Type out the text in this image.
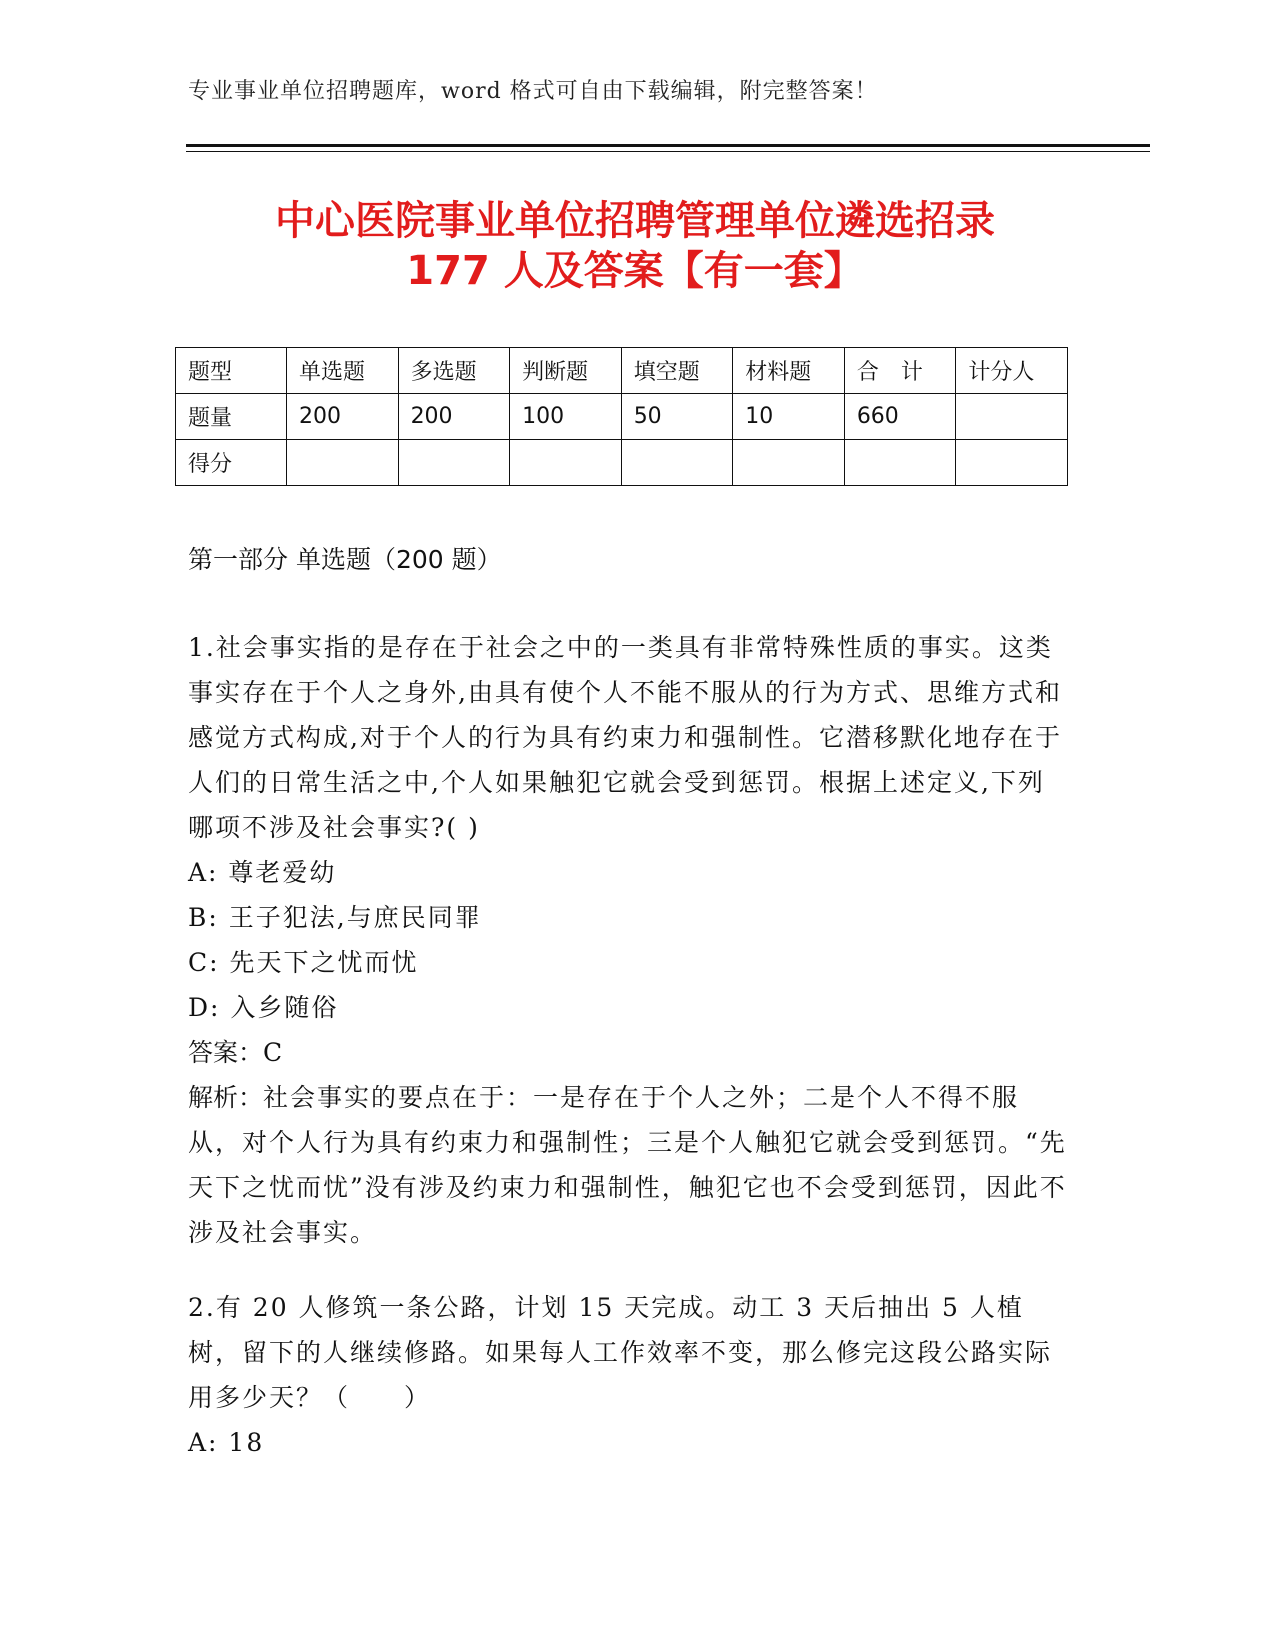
专业事业单位招聘题库，word 格式可自由下载编辑，附完整答案！
中心医院事业单位招聘管理单位遴选招录
177 人及答案【有一套】
题型	单选题	多选题	判断题	填空题	材料题	合　计	计分人
题量	200	200	100	50	10	660	
得分							
第一部分 单选题（200 题）

1.社会事实指的是存在于社会之中的一类具有非常特殊性质的事实。这类事实存在于个人之身外,由具有使个人不能不服从的行为方式、思维方式和感觉方式构成,对于个人的行为具有约束力和强制性。它潜移默化地存在于人们的日常生活之中,个人如果触犯它就会受到惩罚。根据上述定义,下列哪项不涉及社会事实?( )

A: 尊老爱幼

B: 王子犯法,与庶民同罪

C: 先天下之忧而忧

D: 入乡随俗

答案：C

解析：社会事实的要点在于：一是存在于个人之外；二是个人不得不服从，对个人行为具有约束力和强制性；三是个人触犯它就会受到惩罚。“先天下之忧而忧”没有涉及约束力和强制性，触犯它也不会受到惩罚，因此不涉及社会事实。

2.有 20 人修筑一条公路，计划 15 天完成。动工 3 天后抽出 5 人植树，留下的人继续修路。如果每人工作效率不变，那么修完这段公路实际用多少天？（　　）

A: 18
